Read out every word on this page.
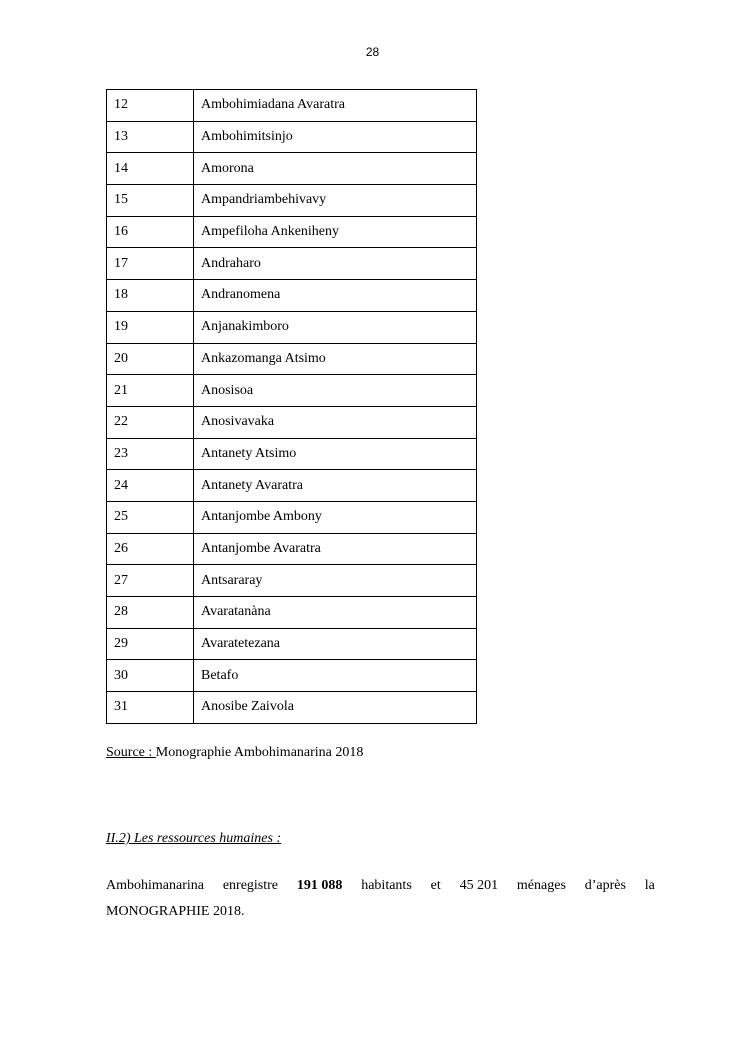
28
12	Ambohimiadana Avaratra
13	Ambohimitsinjo
14	Amorona
15	Ampandriambehivavy
16	Ampefiloha Ankeniheny
17	Andraharo
18	Andranomena
19	Anjanakimboro
20	Ankazomanga Atsimo
21	Anosisoa
22	Anosivavaka
23	Antanety Atsimo
24	Antanety Avaratra
25	Antanjombe Ambony
26	Antanjombe Avaratra
27	Antsararay
28	Avaratanàna
29	Avaratetezana
30	Betafo
31	Anosibe Zaivola
Source : Monographie Ambohimanarina 2018
II.2) Les ressources humaines :
Ambohimanarina enregistre 191 088 habitants et 45 201 ménages d’après la
MONOGRAPHIE 2018.
